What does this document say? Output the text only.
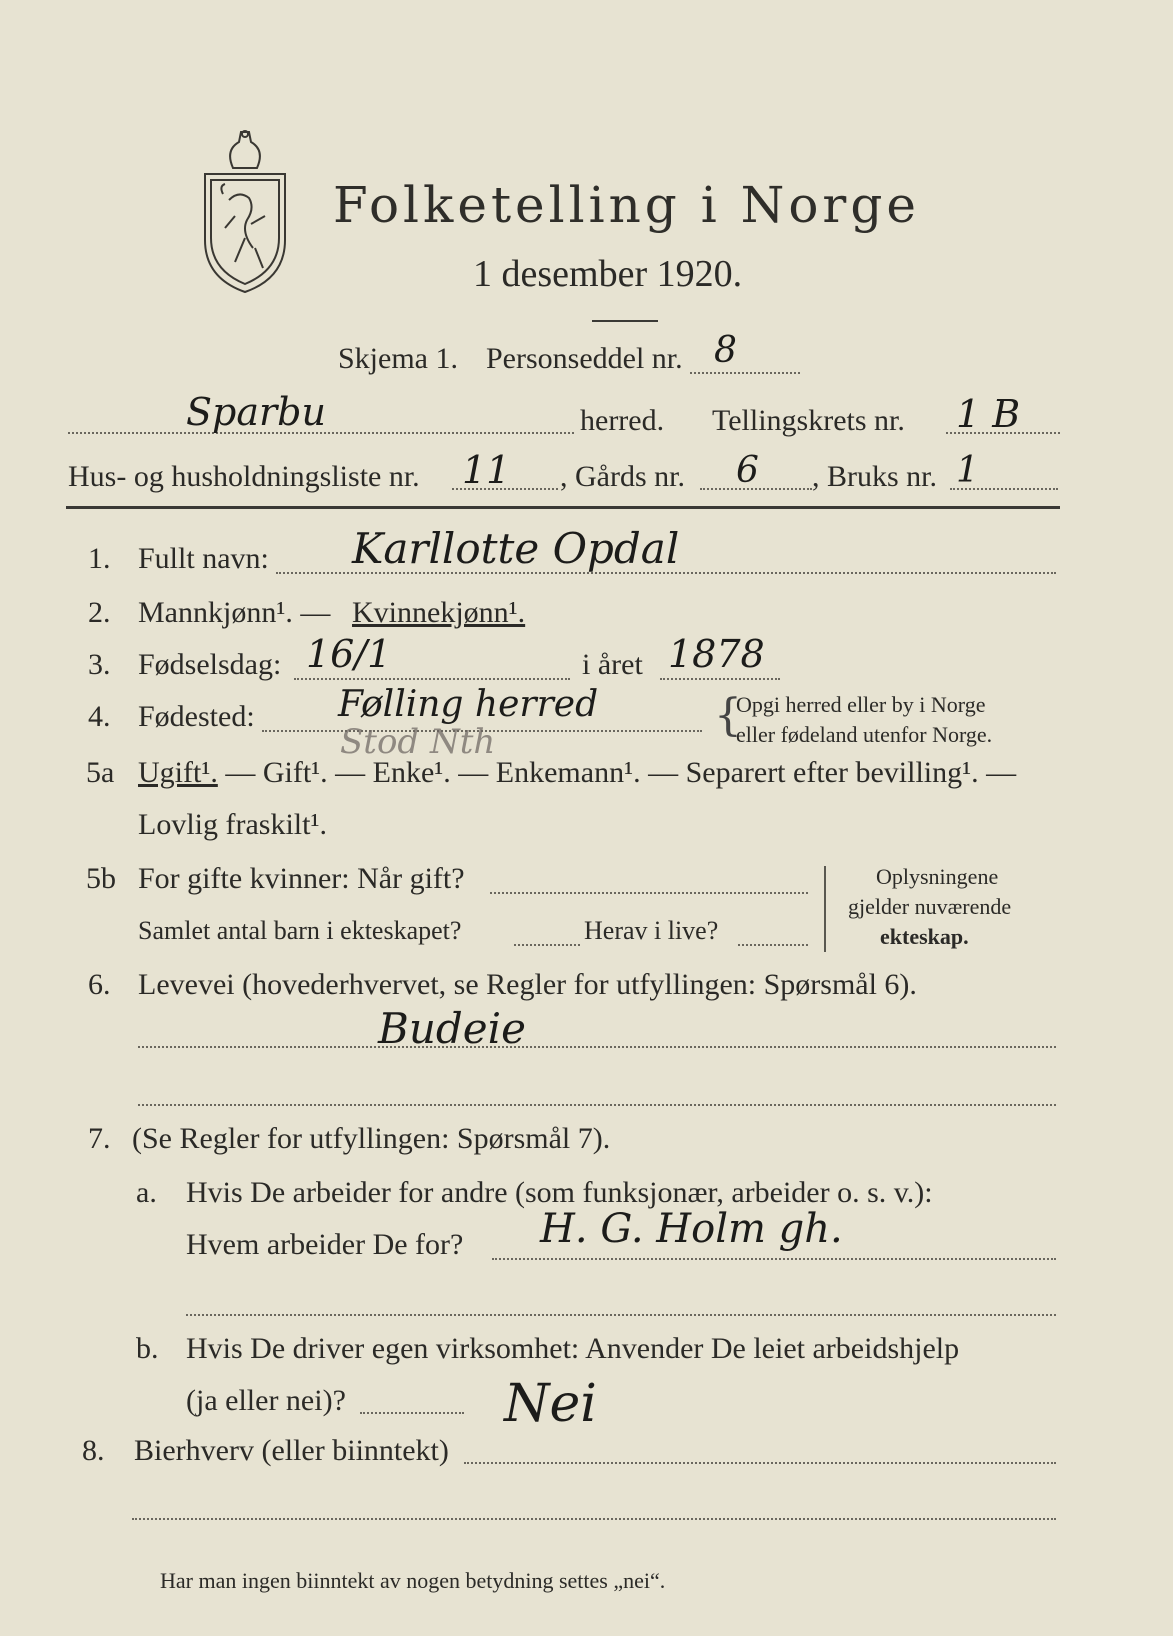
Folketelling i Norge
1 desember 1920.
Skjema 1. Personseddel nr. 8
Sparbu	herred. Tellingskrets nr. 1 B
Hus- og husholdningsliste nr. 11 , Gårds nr. 6 , Bruks nr. 1
1. Fullt navn: Karllotte Opdal
2. Mannkjønn¹. — Kvinnekjønn¹.
3. Fødselsdag: 16/1	i året 1878
4. Fødested: Følling herred
Stod Nth
{
Opgi herred eller by i Norge
eller fødeland utenfor Norge.
5a Ugift¹. — Gift¹. — Enke¹. — Enkemann¹. — Separert efter bevilling¹. —
Lovlig fraskilt¹.
5b For gifte kvinner: Når gift?
Samlet antal barn i ekteskapet?	Herav i live?
Oplysningene
gjelder nuværende
ekteskap.
6. Levevei (hovederhvervet, se Regler for utfyllingen: Spørsmål 6).
Budeie
7. (Se Regler for utfyllingen: Spørsmål 7).
a. Hvis De arbeider for andre (som funksjonær, arbeider o. s. v.):
Hvem arbeider De for? H. G. Holm gh.
b. Hvis De driver egen virksomhet: Anvender De leiet arbeidshjelp
(ja eller nei)?	Nei
8. Bierhverv (eller biinntekt)
Har man ingen biinntekt av nogen betydning settes „nei“.
